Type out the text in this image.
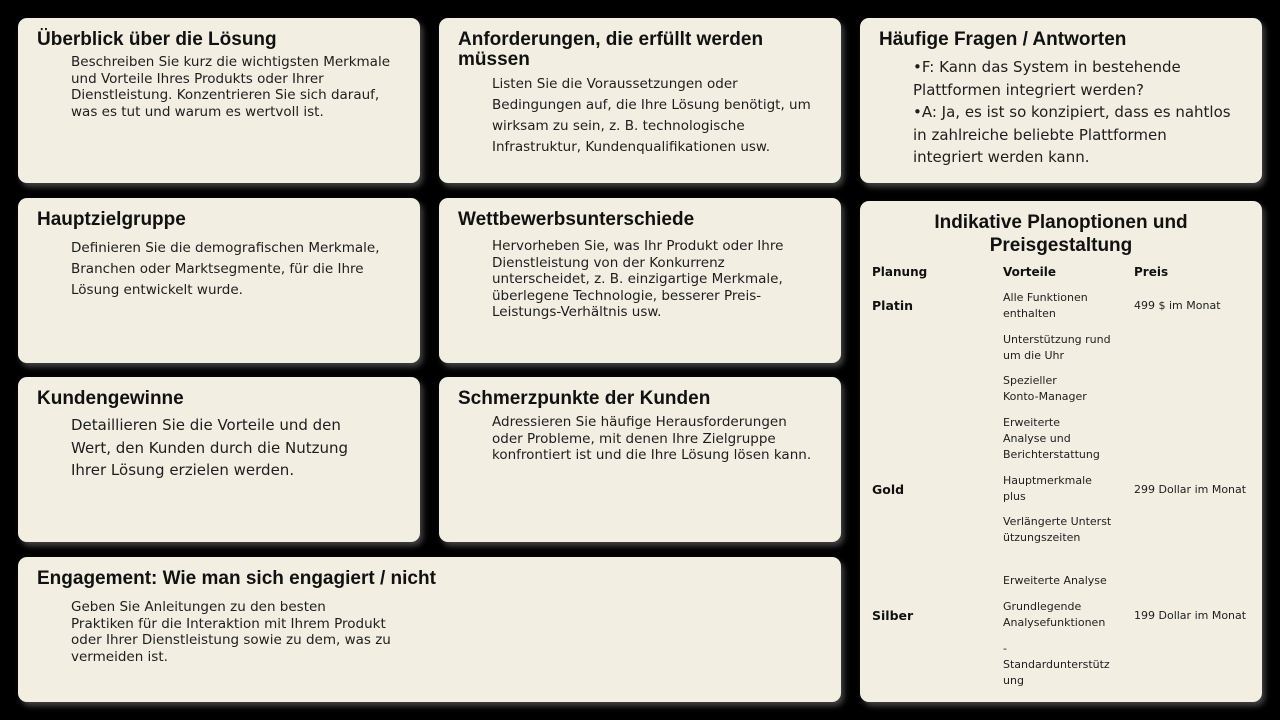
Überblick über die Lösung

Beschreiben Sie kurz die wichtigsten Merkmale und Vorteile Ihres Produkts oder Ihrer Dienstleistung. Konzentrieren Sie sich darauf, was es tut und warum es wertvoll ist.

Anforderungen, die erfüllt werden müssen

Listen Sie die Voraussetzungen oder Bedingungen auf, die Ihre Lösung benötigt, um wirksam zu sein, z. B. technologische Infrastruktur, Kundenqualifikationen usw.

Häufige Fragen / Antworten

•F: Kann das System in bestehende Plattformen integriert werden?
•A: Ja, es ist so konzipiert, dass es nahtlos in zahlreiche beliebte Plattformen integriert werden kann.

Hauptzielgruppe

Definieren Sie die demografischen Merkmale, Branchen oder Marktsegmente, für die Ihre Lösung entwickelt wurde.

Wettbewerbsunterschiede

Hervorheben Sie, was Ihr Produkt oder Ihre Dienstleistung von der Konkurrenz unterscheidet, z. B. einzigartige Merkmale, überlegene Technologie, besserer Preis-Leistungs-Verhältnis usw.

Kundengewinne

Detaillieren Sie die Vorteile und den Wert, den Kunden durch die Nutzung Ihrer Lösung erzielen werden.

Schmerzpunkte der Kunden

Adressieren Sie häufige Herausforderungen oder Probleme, mit denen Ihre Zielgruppe konfrontiert ist und die Ihre Lösung lösen kann.

Engagement: Wie man sich engagiert / nicht

Geben Sie Anleitungen zu den besten Praktiken für die Interaktion mit Ihrem Produkt oder Ihrer Dienstleistung sowie zu dem, was zu vermeiden ist.

Indikative Planoptionen und
Preisgestaltung
Planung	Vorteile	Preis
Platin
Alle Funktionen enthalten
Unterstützung rund um die Uhr
Spezieller Konto-Manager
Erweiterte Analyse und Berichterstattung
499 $ im Monat
Gold
Hauptmerkmale plus
Verlängerte Unterstützungszeiten
Erweiterte Analyse
299 Dollar im Monat
Silber
Grundlegende Analysefunktionen
-
Standardunterstützung
199 Dollar im Monat
